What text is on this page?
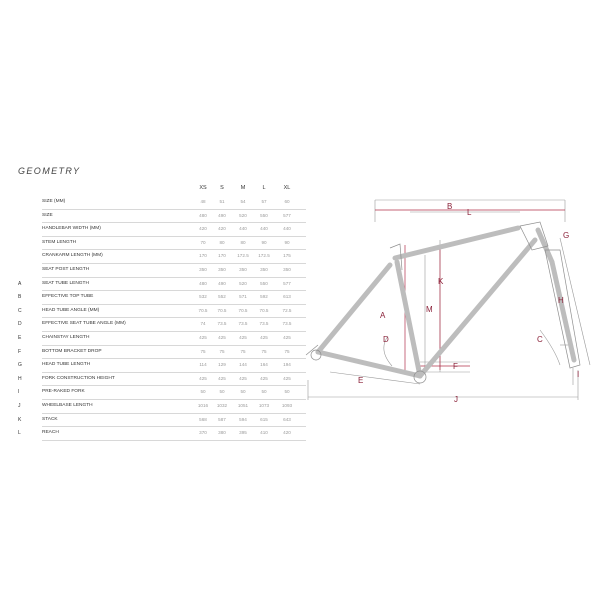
GEOMETRY
XS	S	M	L	XL
SIZE (MM)	48	51	54	57	60
SIZE	480	490	520	550	577
HANDLEBAR WIDTH (MM)	420	420	440	440	440
STEM LENGTH	70	80	80	90	90
CRANKARM LENGTH (MM)	170	170	172.5	172.5	175
SEAT POST LENGTH	350	350	350	350	350
A	SEAT TUBE LENGTH	480	490	520	550	577
B	EFFECTIVE TOP TUBE	532	552	571	592	613
C	HEAD TUBE ANGLE (MM)	70.5	70.5	70.5	70.5	72.5
D	EFFECTIVE SEAT TUBE ANGLE (MM)	74	73.5	73.5	73.5	73.5
E	CHAINSTAY LENGTH	425	425	425	425	425
F	BOTTOM BRACKET DROP	75	75	75	75	75
G	HEAD TUBE LENGTH	114	129	144	164	194
H	FORK CONSTRUCTION HEIGHT	425	425	425	425	425
I	PRE-RAKED FORK	50	50	50	50	50
J	WHEELBASE LENGTH	1016	1032	1051	1073	1093
K	STACK	568	587	594	615	643
L	REACH	370	380	395	410	420
B
L
A
D
K
M
F
E
J
G
H
C
I
